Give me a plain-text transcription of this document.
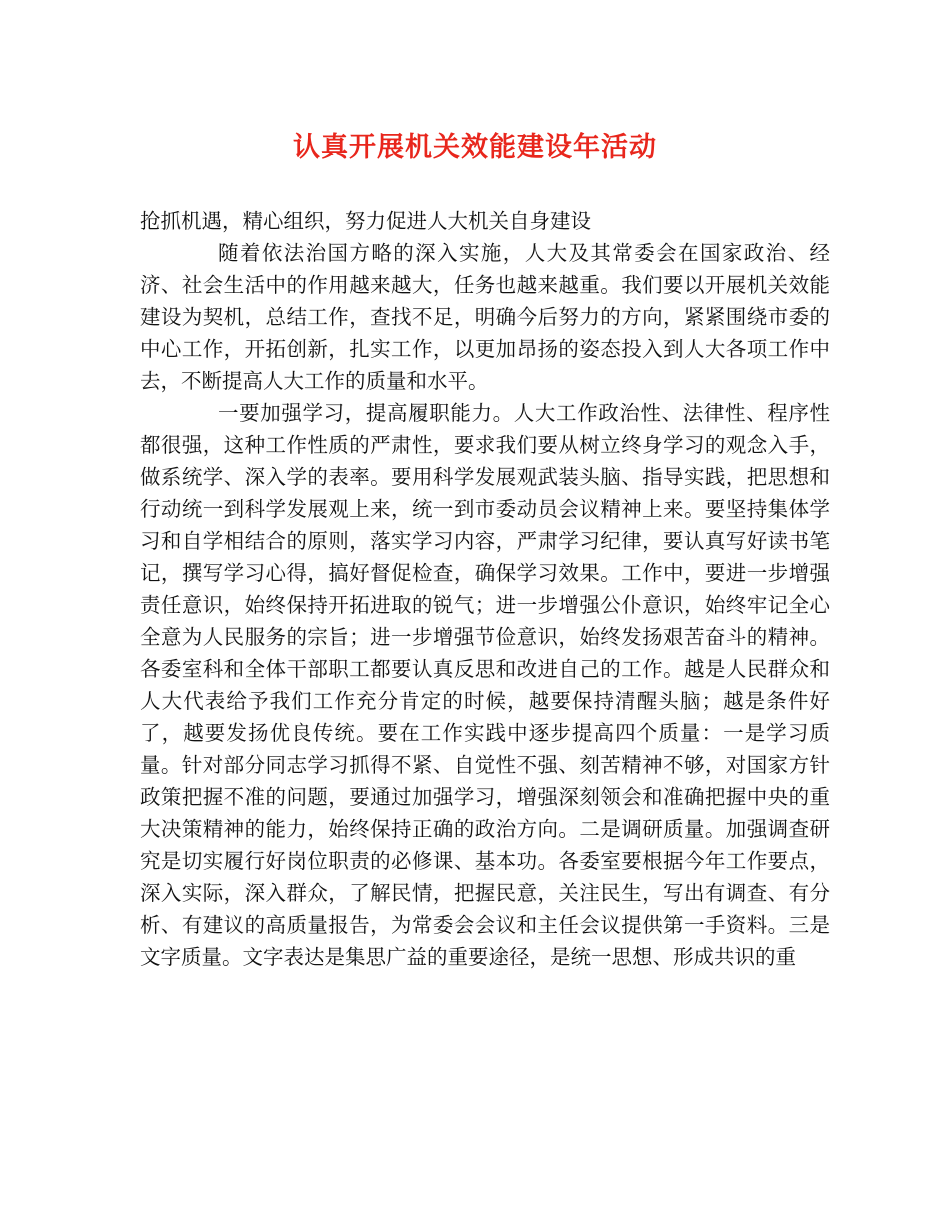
认真开展机关效能建设年活动

抢抓机遇，精心组织，努力促进人大机关自身建设

随着依法治国方略的深入实施，人大及其常委会在国家政治、经济、社会生活中的作用越来越大，任务也越来越重。我们要以开展机关效能建设为契机，总结工作，查找不足，明确今后努力的方向，紧紧围绕市委的中心工作，开拓创新，扎实工作，以更加昂扬的姿态投入到人大各项工作中去，不断提高人大工作的质量和水平。

一要加强学习，提高履职能力。人大工作政治性、法律性、程序性都很强，这种工作性质的严肃性，要求我们要从树立终身学习的观念入手，做系统学、深入学的表率。要用科学发展观武装头脑、指导实践，把思想和行动统一到科学发展观上来，统一到市委动员会议精神上来。要坚持集体学习和自学相结合的原则，落实学习内容，严肃学习纪律，要认真写好读书笔记，撰写学习心得，搞好督促检查，确保学习效果。工作中，要进一步增强责任意识，始终保持开拓进取的锐气；进一步增强公仆意识，始终牢记全心全意为人民服务的宗旨；进一步增强节俭意识，始终发扬艰苦奋斗的精神。各委室科和全体干部职工都要认真反思和改进自己的工作。越是人民群众和人大代表给予我们工作充分肯定的时候，越要保持清醒头脑；越是条件好了，越要发扬优良传统。要在工作实践中逐步提高四个质量：一是学习质量。针对部分同志学习抓得不紧、自觉性不强、刻苦精神不够，对国家方针政策把握不准的问题，要通过加强学习，增强深刻领会和准确把握中央的重大决策精神的能力，始终保持正确的政治方向。二是调研质量。加强调查研究是切实履行好岗位职责的必修课、基本功。各委室要根据今年工作要点，深入实际，深入群众，了解民情，把握民意，关注民生，写出有调查、有分析、有建议的高质量报告，为常委会会议和主任会议提供第一手资料。三是文字质量。文字表达是集思广益的重要途径，是统一思想、形成共识的重
